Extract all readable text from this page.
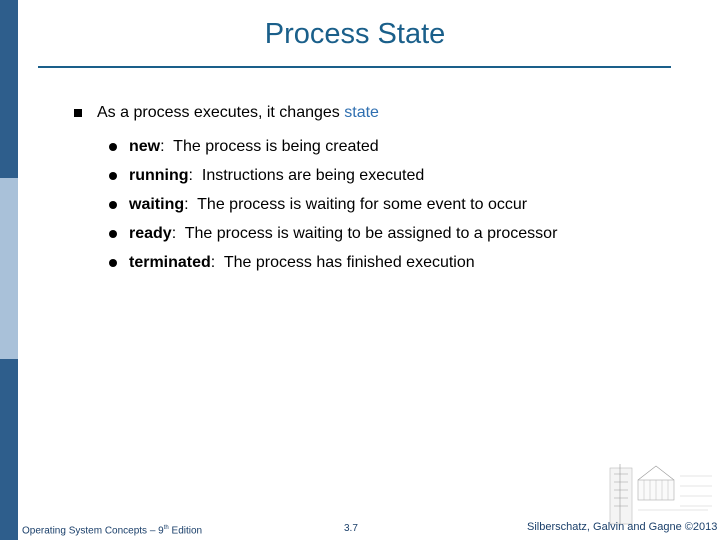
Process State
As a process executes, it changes state
new :  The process is being created
running :  Instructions are being executed
waiting :  The process is waiting for some event to occur
ready :  The process is waiting to be assigned to a processor
terminated :  The process has finished execution
Operating System Concepts – 9th Edition	3.7	Silberschatz, Galvin and Gagne ©2013
